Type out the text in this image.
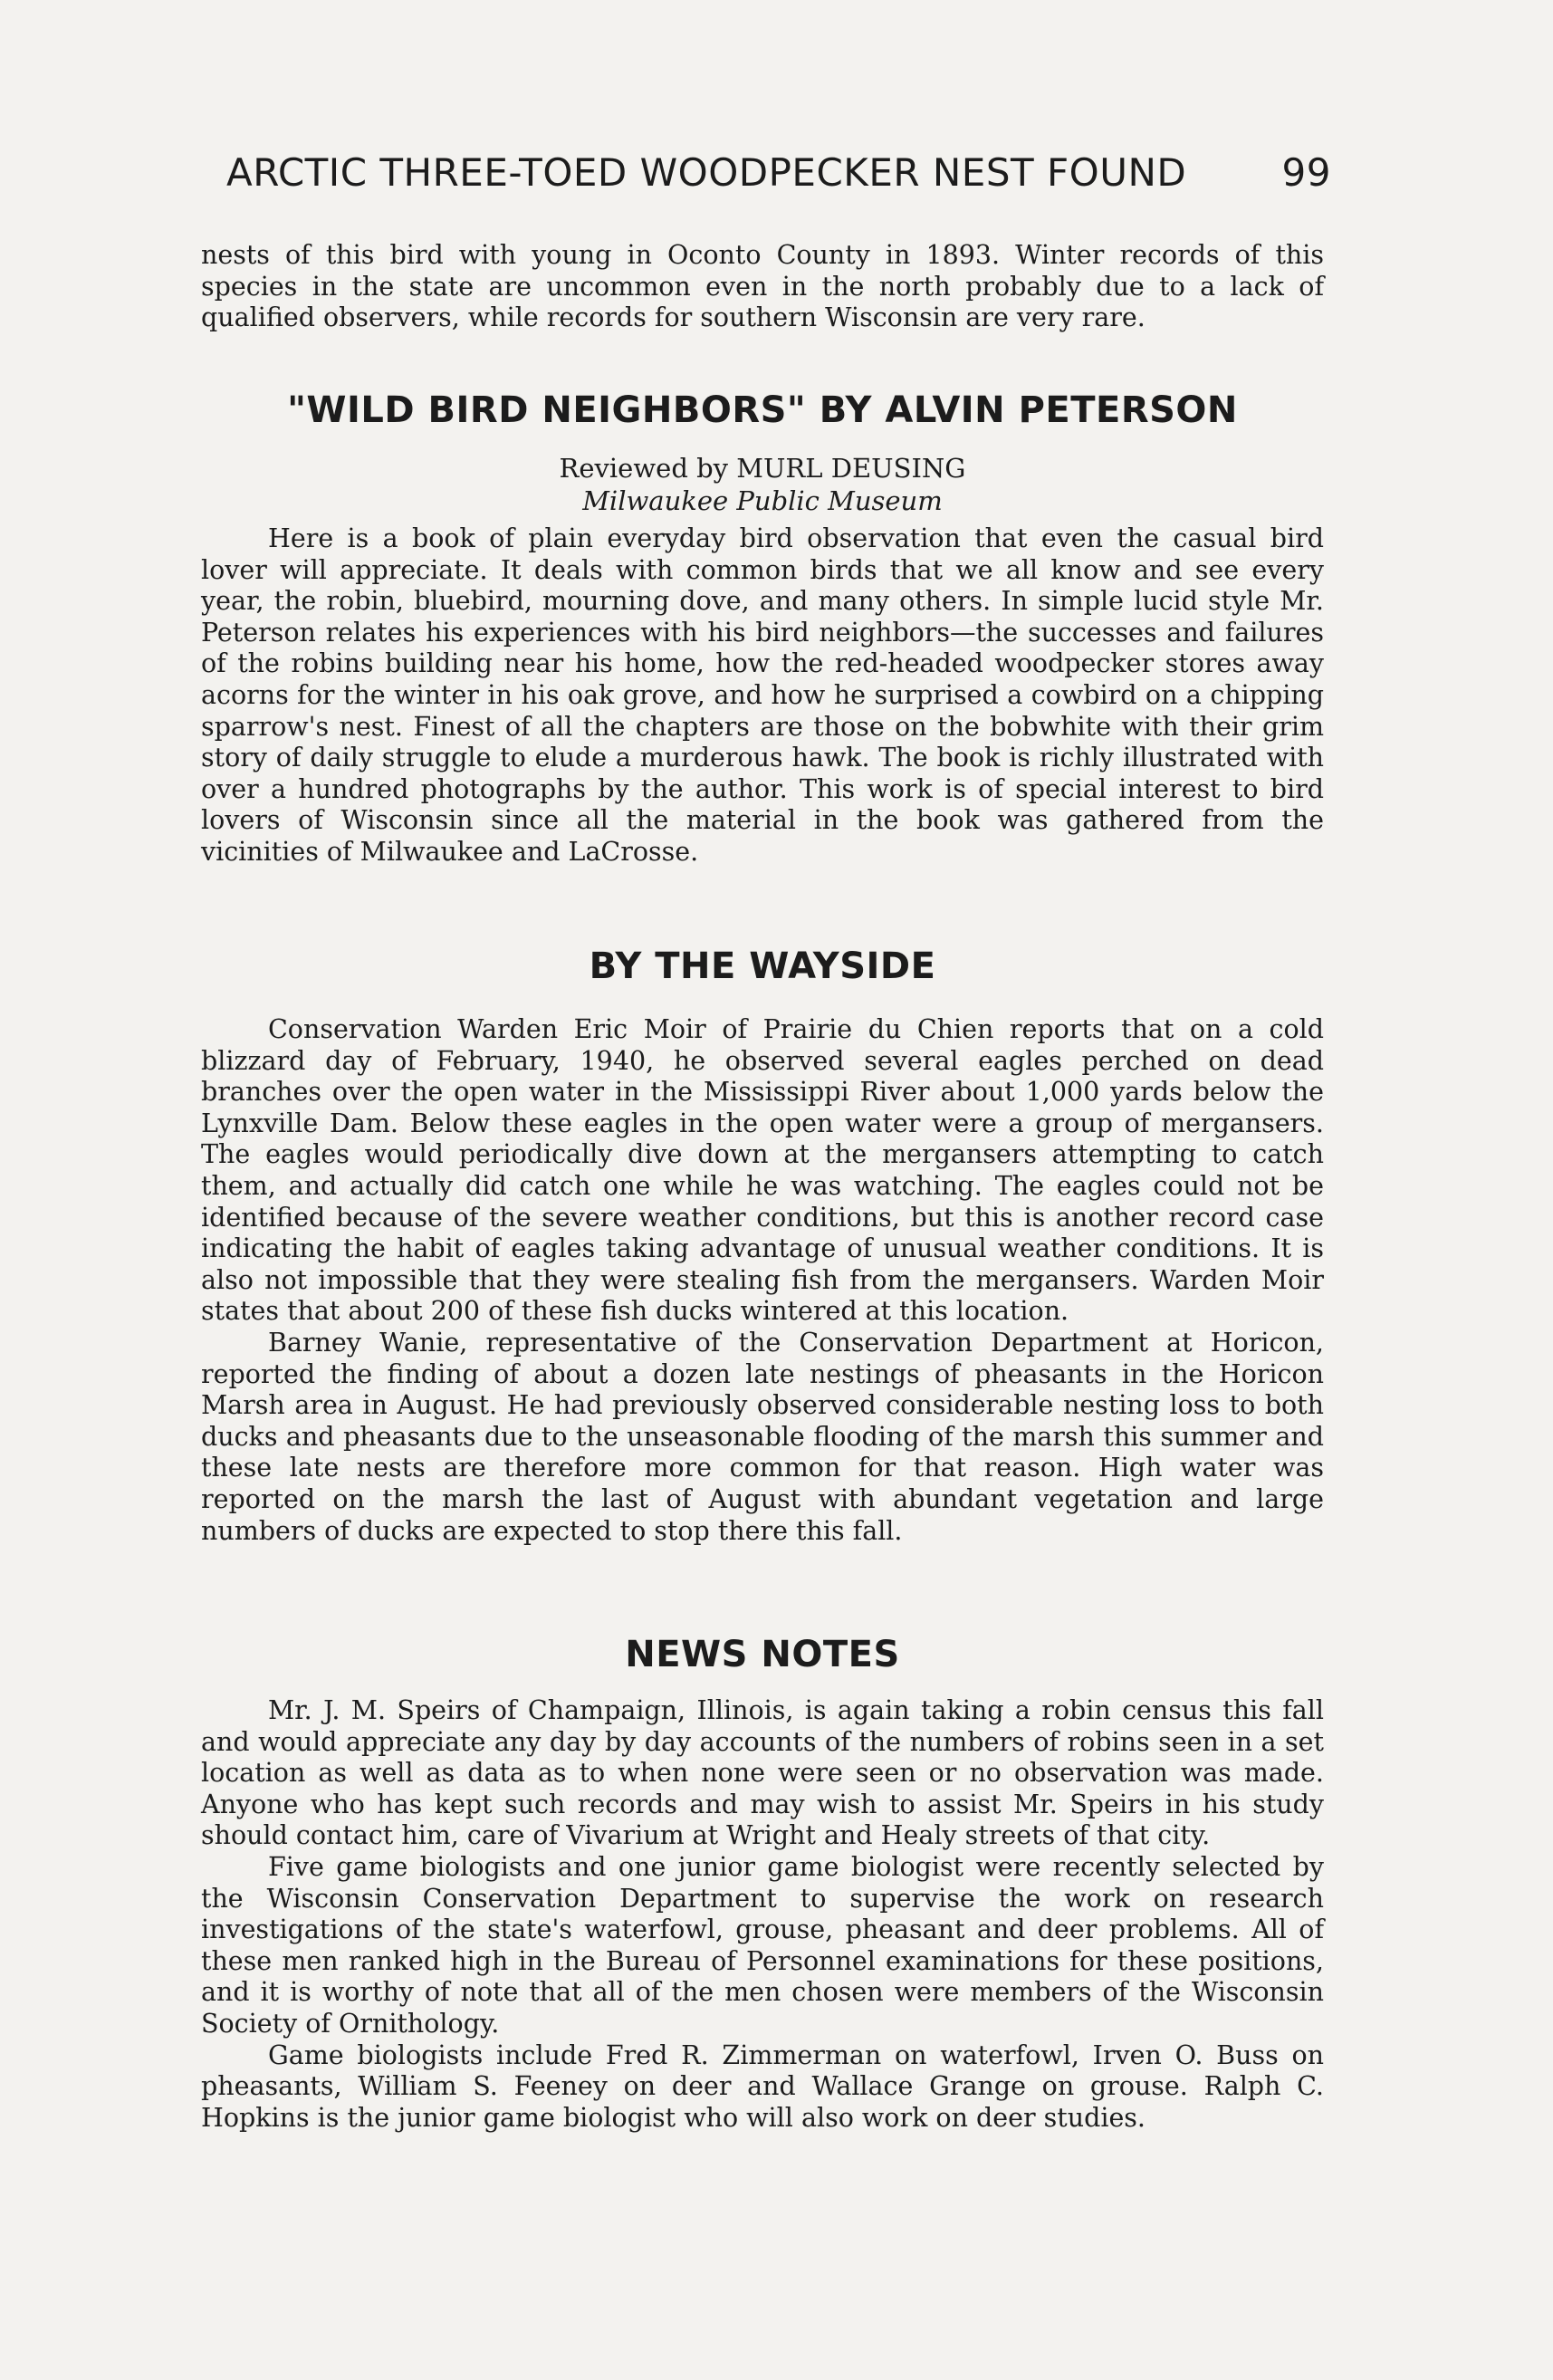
ARCTIC THREE-TOED WOODPECKER NEST FOUND	99

nests of this bird with young in Oconto County in 1893. Winter records of this species in the state are uncommon even in the north probably due to a lack of qualified observers, while records for southern Wisconsin are very rare.

"WILD BIRD NEIGHBORS" BY ALVIN PETERSON

Reviewed by MURL DEUSING

Milwaukee Public Museum

Here is a book of plain everyday bird observation that even the casual bird lover will appreciate. It deals with common birds that we all know and see every year, the robin, bluebird, mourning dove, and many others. In simple lucid style Mr. Peterson relates his experiences with his bird neighbors—the successes and failures of the robins building near his home, how the red-headed woodpecker stores away acorns for the winter in his oak grove, and how he surprised a cowbird on a chipping sparrow's nest. Finest of all the chapters are those on the bobwhite with their grim story of daily struggle to elude a murderous hawk. The book is richly illustrated with over a hundred photographs by the author. This work is of special interest to bird lovers of Wisconsin since all the material in the book was gathered from the vicinities of Milwaukee and LaCrosse.

BY THE WAYSIDE

Conservation Warden Eric Moir of Prairie du Chien reports that on a cold blizzard day of February, 1940, he observed several eagles perched on dead branches over the open water in the Mississippi River about 1,000 yards below the Lynxville Dam. Below these eagles in the open water were a group of mergansers. The eagles would periodically dive down at the mergansers attempting to catch them, and actually did catch one while he was watching. The eagles could not be identified because of the severe weather conditions, but this is another record case indicating the habit of eagles taking advantage of unusual weather conditions. It is also not impossible that they were stealing fish from the mergansers. Warden Moir states that about 200 of these fish ducks wintered at this location.

Barney Wanie, representative of the Conservation Department at Horicon, reported the finding of about a dozen late nestings of pheasants in the Horicon Marsh area in August. He had previously observed considerable nesting loss to both ducks and pheasants due to the unseasonable flooding of the marsh this summer and these late nests are therefore more common for that reason. High water was reported on the marsh the last of August with abundant vegetation and large numbers of ducks are expected to stop there this fall.

NEWS NOTES

Mr. J. M. Speirs of Champaign, Illinois, is again taking a robin census this fall and would appreciate any day by day accounts of the numbers of robins seen in a set location as well as data as to when none were seen or no observation was made. Anyone who has kept such records and may wish to assist Mr. Speirs in his study should contact him, care of Vivarium at Wright and Healy streets of that city.

Five game biologists and one junior game biologist were recently selected by the Wisconsin Conservation Department to supervise the work on research investigations of the state's waterfowl, grouse, pheasant and deer problems. All of these men ranked high in the Bureau of Personnel examinations for these positions, and it is worthy of note that all of the men chosen were members of the Wisconsin Society of Ornithology.

Game biologists include Fred R. Zimmerman on waterfowl, Irven O. Buss on pheasants, William S. Feeney on deer and Wallace Grange on grouse. Ralph C. Hopkins is the junior game biologist who will also work on deer studies.
